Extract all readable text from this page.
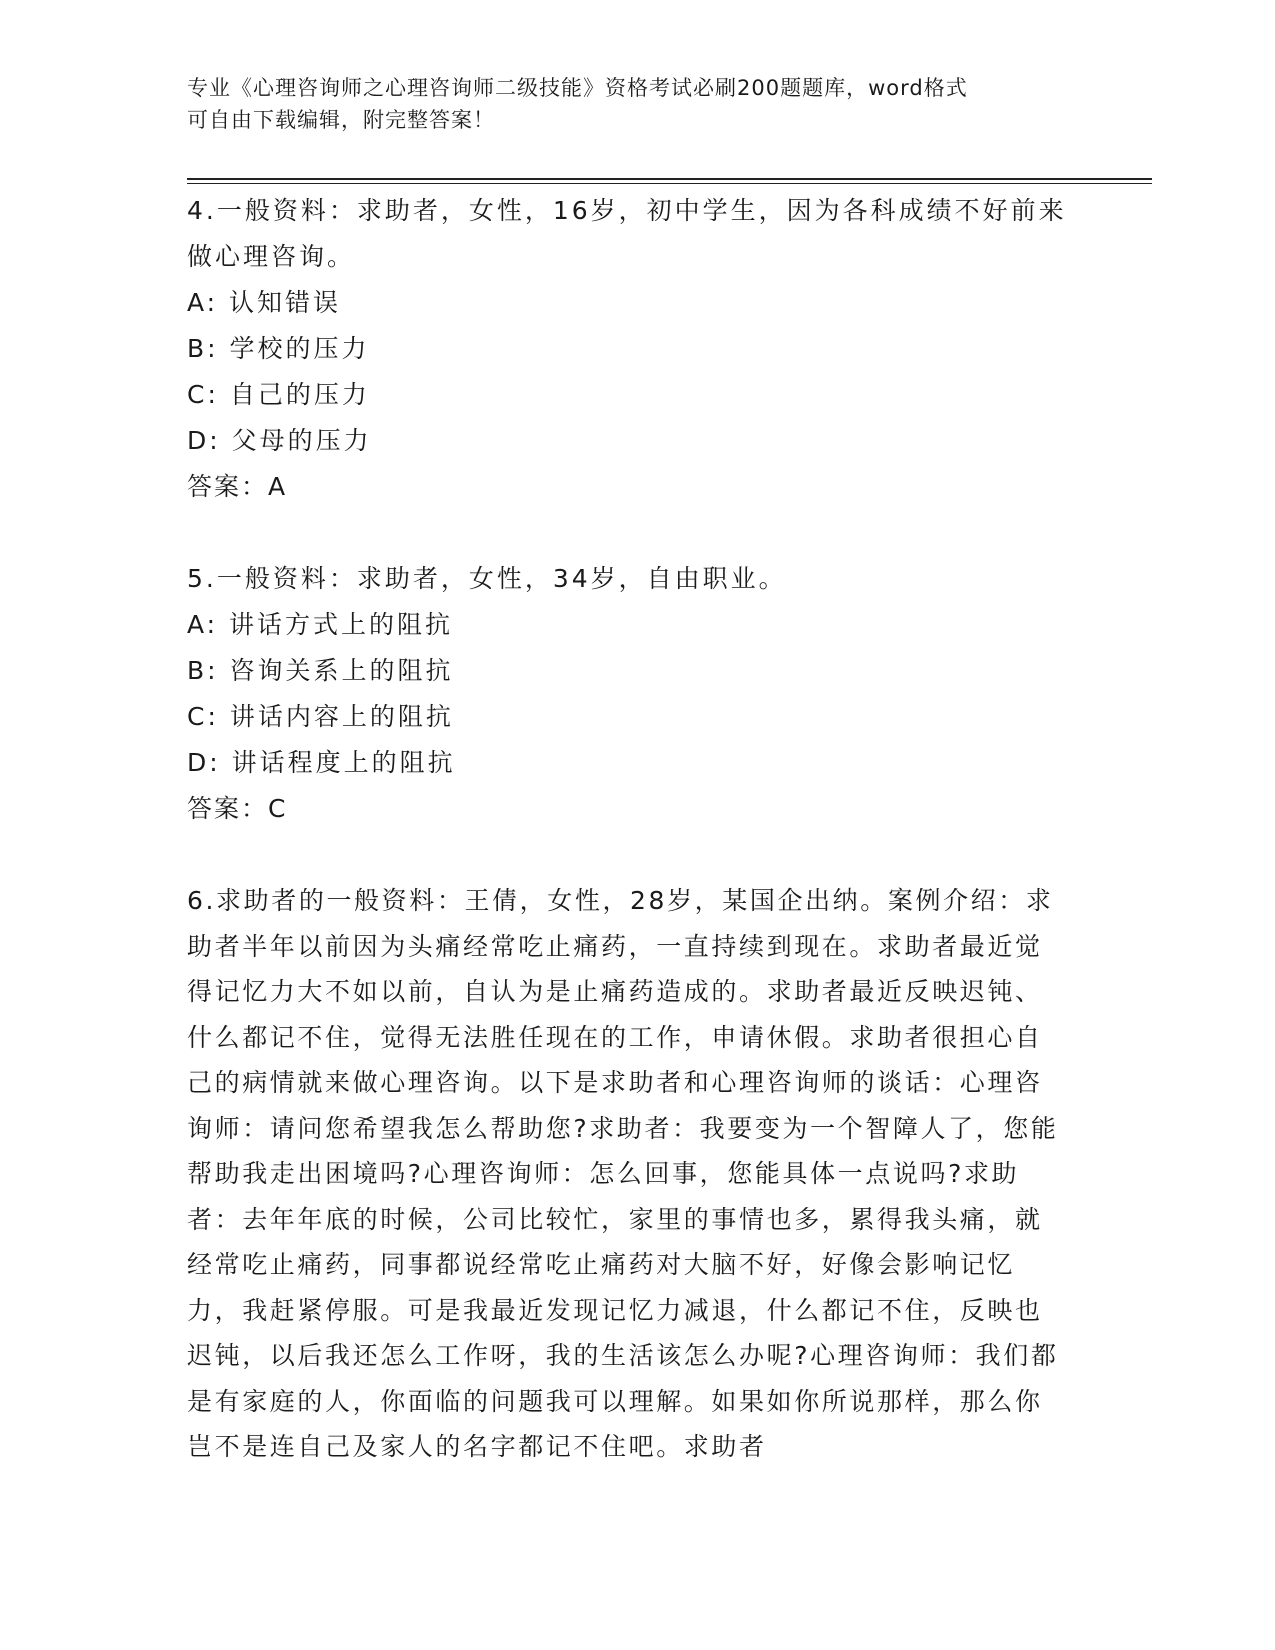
专业《心理咨询师之心理咨询师二级技能》资格考试必刷200题题库，word格式
可自由下载编辑，附完整答案！

4.一般资料：求助者，女性，16岁，初中学生，因为各科成绩不好前来做心理咨询。

A: 认知错误

B: 学校的压力

C: 自己的压力

D: 父母的压力

答案：A

5.一般资料：求助者，女性，34岁，自由职业。

A: 讲话方式上的阻抗

B: 咨询关系上的阻抗

C: 讲话内容上的阻抗

D: 讲话程度上的阻抗

答案：C

6.求助者的一般资料：王倩，女性，28岁，某国企出纳。案例介绍：求助者半年以前因为头痛经常吃止痛药，一直持续到现在。求助者最近觉得记忆力大不如以前，自认为是止痛药造成的。求助者最近反映迟钝、什么都记不住，觉得无法胜任现在的工作，申请休假。求助者很担心自己的病情就来做心理咨询。以下是求助者和心理咨询师的谈话：心理咨询师：请问您希望我怎么帮助您?求助者：我要变为一个智障人了，您能帮助我走出困境吗?心理咨询师：怎么回事，您能具体一点说吗?求助者：去年年底的时候，公司比较忙，家里的事情也多，累得我头痛，就经常吃止痛药，同事都说经常吃止痛药对大脑不好，好像会影响记忆力，我赶紧停服。可是我最近发现记忆力减退，什么都记不住，反映也迟钝，以后我还怎么工作呀，我的生活该怎么办呢?心理咨询师：我们都是有家庭的人，你面临的问题我可以理解。如果如你所说那样，那么你岂不是连自己及家人的名字都记不住吧。求助者
